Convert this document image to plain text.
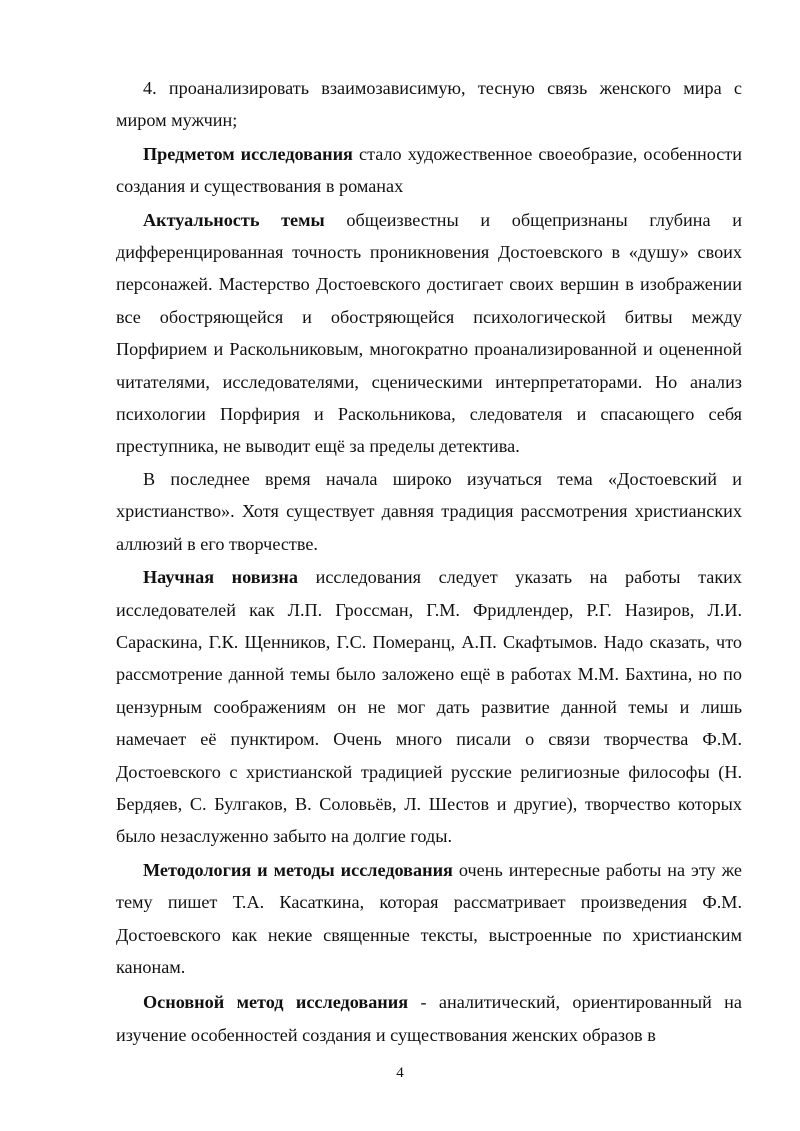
4. проанализировать взаимозависимую, тесную связь женского мира с миром мужчин;

Предметом исследования стало художественное своеобразие, особенности создания и существования в романах

Актуальность темы общеизвестны и общепризнаны глубина и дифференцированная точность проникновения Достоевского в «душу» своих персонажей. Мастерство Достоевского достигает своих вершин в изображении все обостряющейся и обостряющейся психологической битвы между Порфирием и Раскольниковым, многократно проанализированной и оцененной читателями, исследователями, сценическими интерпретаторами. Но анализ психологии Порфирия и Раскольникова, следователя и спасающего себя преступника, не выводит ещё за пределы детектива.

В последнее время начала широко изучаться тема «Достоевский и христианство». Хотя существует давняя традиция рассмотрения христианских аллюзий в его творчестве.

Научная новизна исследования следует указать на работы таких исследователей как Л.П. Гроссман, Г.М. Фридлендер, Р.Г. Назиров, Л.И. Сараскина, Г.К. Щенников, Г.С. Померанц, А.П. Скафтымов. Надо сказать, что рассмотрение данной темы было заложено ещё в работах М.М. Бахтина, но по цензурным соображениям он не мог дать развитие данной темы и лишь намечает её пунктиром. Очень много писали о связи творчества Ф.М. Достоевского с христианской традицией русские религиозные философы (Н. Бердяев, С. Булгаков, В. Соловьёв, Л. Шестов и другие), творчество которых было незаслуженно забыто на долгие годы.

Методология и методы исследования очень интересные работы на эту же тему пишет Т.А. Касаткина, которая рассматривает произведения Ф.М. Достоевского как некие священные тексты, выстроенные по христианским канонам.

Основной метод исследования - аналитический, ориентированный на изучение особенностей создания и существования женских образов в

4
